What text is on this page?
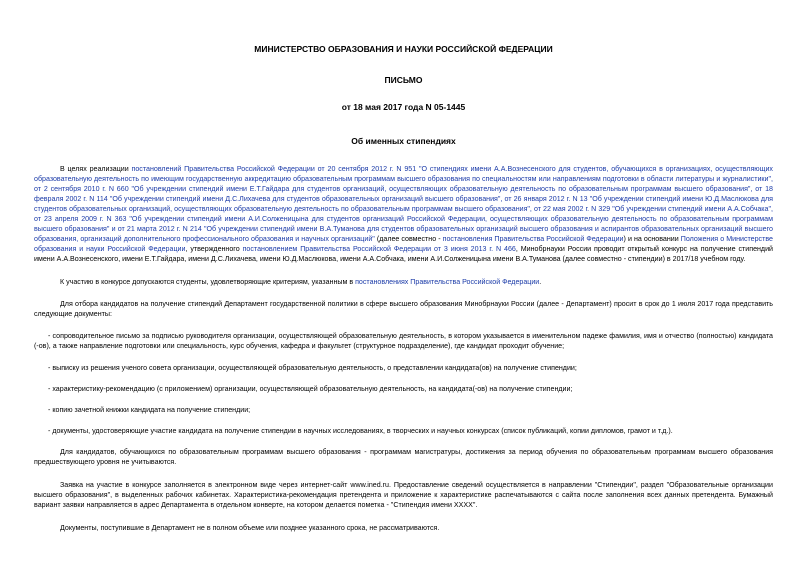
МИНИСТЕРСТВО ОБРАЗОВАНИЯ И НАУКИ РОССИЙСКОЙ ФЕДЕРАЦИИ
ПИСЬМО
от 18 мая 2017 года N 05-1445
Об именных стипендиях

В целях реализации постановлений Правительства Российской Федерации от 20 сентября 2012 г. N 951 "О стипендиях имени А.А.Вознесенского для студентов, обучающихся в организациях, осуществляющих образовательную деятельность по имеющим государственную аккредитацию образовательным программам высшего образования по специальностям или направлениям подготовки в области литературы и журналистики", от 2 сентября 2010 г. N 660 "Об учреждении стипендий имени Е.Т.Гайдара для студентов организаций, осуществляющих образовательную деятельность по образовательным программам высшего образования", от 18 февраля 2002 г. N 114 "Об учреждении стипендий имени Д.С.Лихачева для студентов образовательных организаций высшего образования", от 26 января 2012 г. N 13 "Об учреждении стипендий имени Ю.Д.Маслюкова для студентов образовательных организаций, осуществляющих образовательную деятельность по образовательным программам высшего образования", от 22 мая 2002 г. N 329 "Об учреждении стипендий имени А.А.Собчака", от 23 апреля 2009 г. N 363 "Об учреждении стипендий имени А.И.Солженицына для студентов организаций Российской Федерации, осуществляющих образовательную деятельность по образовательным программам высшего образования" и от 21 марта 2012 г. N 214 "Об учреждении стипендий имени В.А.Туманова для студентов образовательных организаций высшего образования и аспирантов образовательных организаций высшего образования, организаций дополнительного профессионального образования и научных организаций" (далее совместно - постановления Правительства Российской Федерации) и на основании Положения о Министерстве образования и науки Российской Федерации, утвержденного постановлением Правительства Российской Федерации от 3 июня 2013 г. N 466, Минобрнауки России проводит открытый конкурс на получение стипендий имени А.А.Вознесенского, имени Е.Т.Гайдара, имени Д.С.Лихачева, имени Ю.Д.Маслюкова, имени А.А.Собчака, имени А.И.Солженицына имени В.А.Туманова (далее совместно - стипендии) в 2017/18 учебном году.

К участию в конкурсе допускаются студенты, удовлетворяющие критериям, указанным в постановлениях Правительства Российской Федерации.

Для отбора кандидатов на получение стипендий Департамент государственной политики в сфере высшего образования Минобрнауки России (далее - Департамент) просит в срок до 1 июля 2017 года представить следующие документы:

- сопроводительное письмо за подписью руководителя организации, осуществляющей образовательную деятельность, в котором указывается в именительном падеже фамилия, имя и отчество (полностью) кандидата (-ов), а также направление подготовки или специальность, курс обучения, кафедра и факультет (структурное подразделение), где кандидат проходит обучение;

- выписку из решения ученого совета организации, осуществляющей образовательную деятельность, о представлении кандидата(ов) на получение стипендии;

- характеристику-рекомендацию (с приложением) организации, осуществляющей образовательную деятельность, на кандидата(-ов) на получение стипендии;

- копию зачетной книжки кандидата на получение стипендии;

- документы, удостоверяющие участие кандидата на получение стипендии в научных исследованиях, в творческих и научных конкурсах (список публикаций, копии дипломов, грамот и т.д.).

Для кандидатов, обучающихся по образовательным программам высшего образования - программам магистратуры, достижения за период обучения по образовательным программам высшего образования предшествующего уровня не учитываются.

Заявка на участие в конкурсе заполняется в электронном виде через интернет-сайт www.ined.ru. Предоставление сведений осуществляется в направлении "Стипендии", раздел "Образовательные организации высшего образования", в выделенных рабочих кабинетах. Характеристика-рекомендация претендента и приложение к характеристике распечатываются с сайта после заполнения всех данных претендента. Бумажный вариант заявки направляется в адрес Департамента в отдельном конверте, на котором делается пометка - "Стипендия имени XXXX".

Документы, поступившие в Департамент не в полном объеме или позднее указанного срока, не рассматриваются.
